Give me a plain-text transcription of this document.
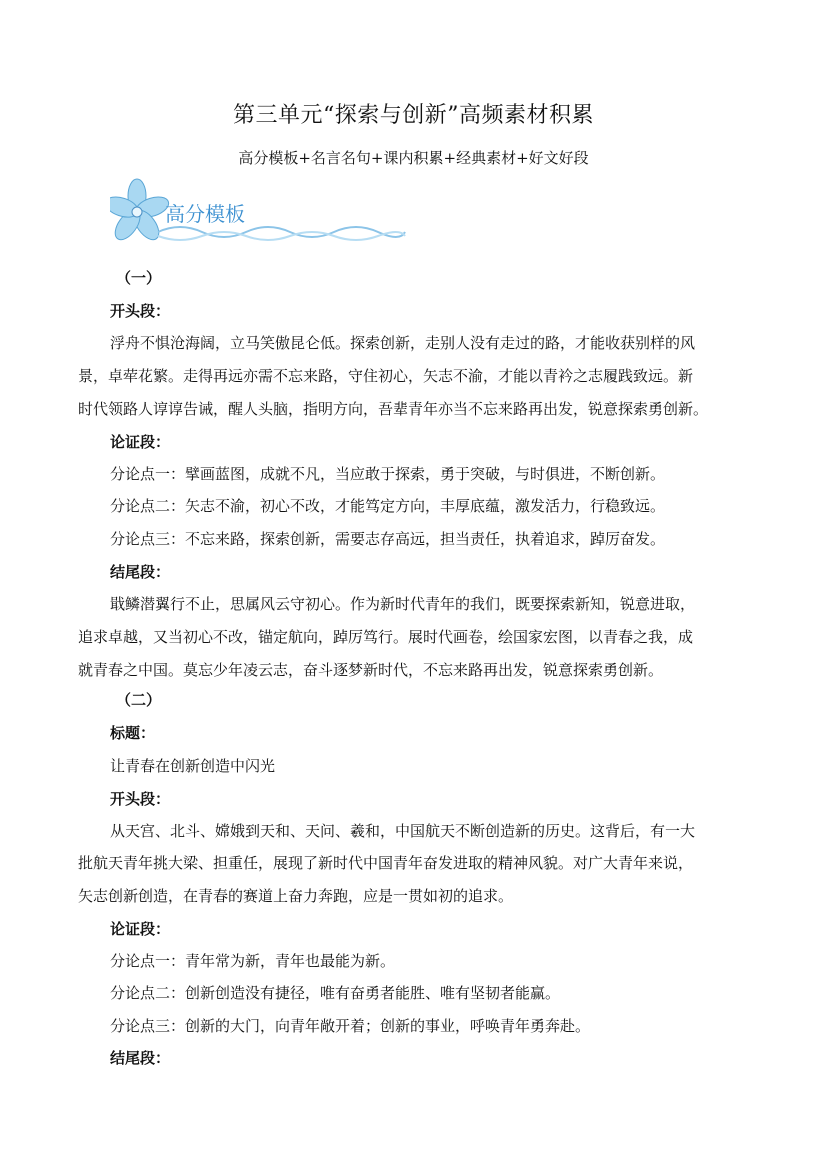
第三单元“探索与创新”高频素材积累
高分模板+名言名句+课内积累+经典素材+好文好段
高分模板
（一）
开头段：
浮舟不惧沧海阔，立马笑傲昆仑低。探索创新，走别人没有走过的路，才能收获别样的风
景，卓荦花繁。走得再远亦需不忘来路，守住初心，矢志不渝，才能以青衿之志履践致远。新
时代领路人谆谆告诫，醒人头脑，指明方向，吾辈青年亦当不忘来路再出发，锐意探索勇创新。
论证段：
分论点一：擘画蓝图，成就不凡，当应敢于探索，勇于突破，与时俱进，不断创新。
分论点二：矢志不渝，初心不改，才能笃定方向，丰厚底蕴，激发活力，行稳致远。
分论点三：不忘来路，探索创新，需要志存高远，担当责任，执着追求，踔厉奋发。
结尾段：
戢鳞潜翼行不止，思属风云守初心。作为新时代青年的我们，既要探索新知，锐意进取，
追求卓越，又当初心不改，锚定航向，踔厉笃行。展时代画卷，绘国家宏图，以青春之我，成
就青春之中国。莫忘少年凌云志，奋斗逐梦新时代，不忘来路再出发，锐意探索勇创新。
（二）
标题：
让青春在创新创造中闪光
开头段：
从天宫、北斗、嫦娥到天和、天问、羲和，中国航天不断创造新的历史。这背后，有一大
批航天青年挑大梁、担重任，展现了新时代中国青年奋发进取的精神风貌。对广大青年来说，
矢志创新创造，在青春的赛道上奋力奔跑，应是一贯如初的追求。
论证段：
分论点一：青年常为新，青年也最能为新。
分论点二：创新创造没有捷径，唯有奋勇者能胜、唯有坚韧者能赢。
分论点三：创新的大门，向青年敞开着；创新的事业，呼唤青年勇奔赴。
结尾段：
